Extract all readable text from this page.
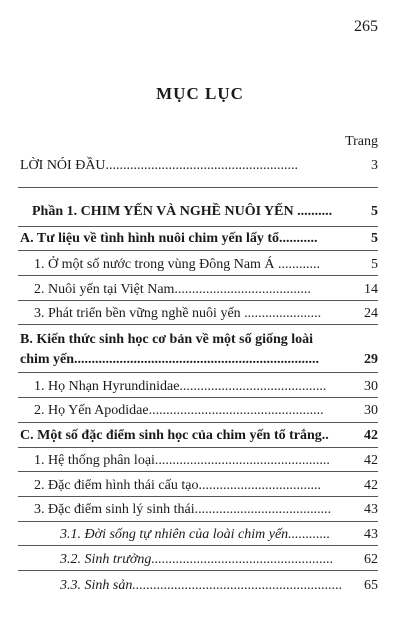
265
MỤC LỤC
Trang
LỜI NÓI ĐẦU.......................................................	3
Phần 1. CHIM YẾN VÀ NGHỀ NUÔI YẾN ..........	5
A. Tư liệu về tình hình nuôi chim yến lấy tổ...........	5
1. Ở một số nước trong vùng Đông Nam Á ............	5
2. Nuôi yến tại Việt Nam.......................................	14
3. Phát triển bền vững nghề nuôi yến ......................	24
B. Kiến thức sinh học cơ bản về một số giống loài
chim yến......................................................................	29
1. Họ Nhạn Hyrundinidae..........................................	30
2. Họ Yến Apodidae..................................................	30
C. Một số đặc điểm sinh học của chim yến tổ trắng..	42
1. Hệ thống phân loại..................................................	42
2. Đặc điểm hình thái cấu tạo...................................	42
3. Đặc điểm sinh lý sinh thái.......................................	43
3.1. Đời sống tự nhiên của loài chim yến............	43
3.2. Sinh trưởng....................................................	62
3.3. Sinh sản............................................................	65
